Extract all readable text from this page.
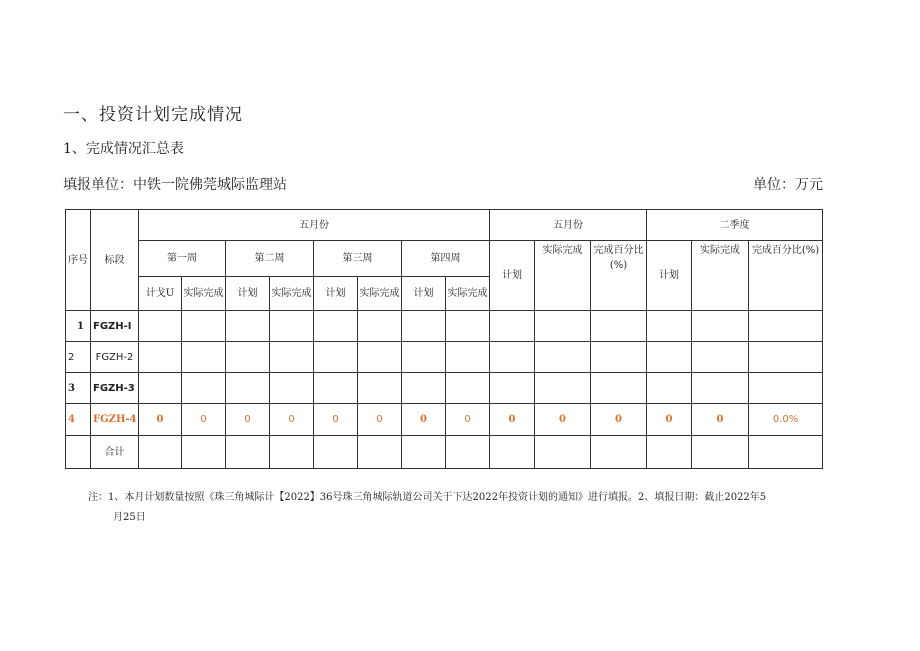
一、投资计划完成情况
1、完成情况汇总表
填报单位：中铁一院佛莞城际监理站	单位：万元
序号	标段	五月份								五月份			二季度		
		第一周		第二周		第三周		第四周		计划	实际完成	完成百分比(%)	计划	实际完成	完成百分比(%)
		计戈U	实际完成	计划	实际完成	计划	实际完成	计划	实际完成						
1	FGZH-I														
2	FGZH-2														
3	FGZH-3														
4	FGZH-4	0	0	0	0	0	0	0	0	0	0	0	0	0	0.0%
	合计														
注：1、本月计划数量按照《珠三角城际计【2022】36号珠三角城际轨道公司关于下达2022年投资计划的通知》进行填报。2、填报日期：截止2022年5
月25日
